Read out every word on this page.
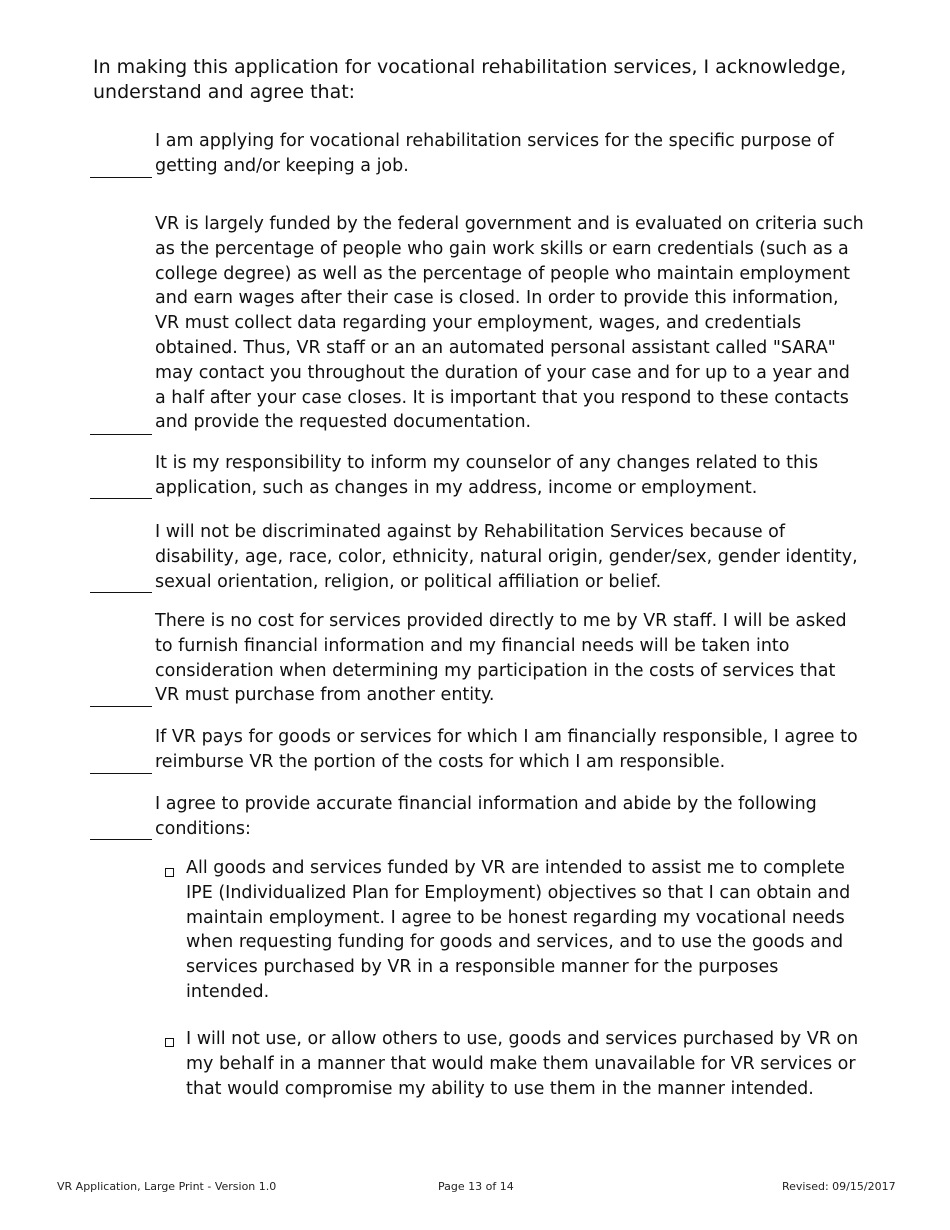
In making this application for vocational rehabilitation services, I acknowledge, understand and agree that:

I am applying for vocational rehabilitation services for the specific purpose of getting and/or keeping a job.

VR is largely funded by the federal government and is evaluated on criteria such as the percentage of people who gain work skills or earn credentials (such as a college degree) as well as the percentage of people who maintain employment and earn wages after their case is closed. In order to provide this information, VR must collect data regarding your employment, wages, and credentials obtained. Thus, VR staff or an an automated personal assistant called "SARA" may contact you throughout the duration of your case and for up to a year and a half after your case closes. It is important that you respond to these contacts and provide the requested documentation.

It is my responsibility to inform my counselor of any changes related to this application, such as changes in my address, income or employment.

I will not be discriminated against by Rehabilitation Services because of disability, age, race, color, ethnicity, natural origin, gender/sex, gender identity, sexual orientation, religion, or political affiliation or belief.

There is no cost for services provided directly to me by VR staff. I will be asked to furnish financial information and my financial needs will be taken into consideration when determining my participation in the costs of services that VR must purchase from another entity.

If VR pays for goods or services for which I am financially responsible, I agree to reimburse VR the portion of the costs for which I am responsible.

I agree to provide accurate financial information and abide by the following conditions:

All goods and services funded by VR are intended to assist me to complete IPE (Individualized Plan for Employment) objectives so that I can obtain and maintain employment. I agree to be honest regarding my vocational needs when requesting funding for goods and services, and to use the goods and services purchased by VR in a responsible manner for the purposes intended.

I will not use, or allow others to use, goods and services purchased by VR on my behalf in a manner that would make them unavailable for VR services or that would compromise my ability to use them in the manner intended.

VR Application, Large Print - Version 1.0	Page 13 of 14	Revised: 09/15/2017
